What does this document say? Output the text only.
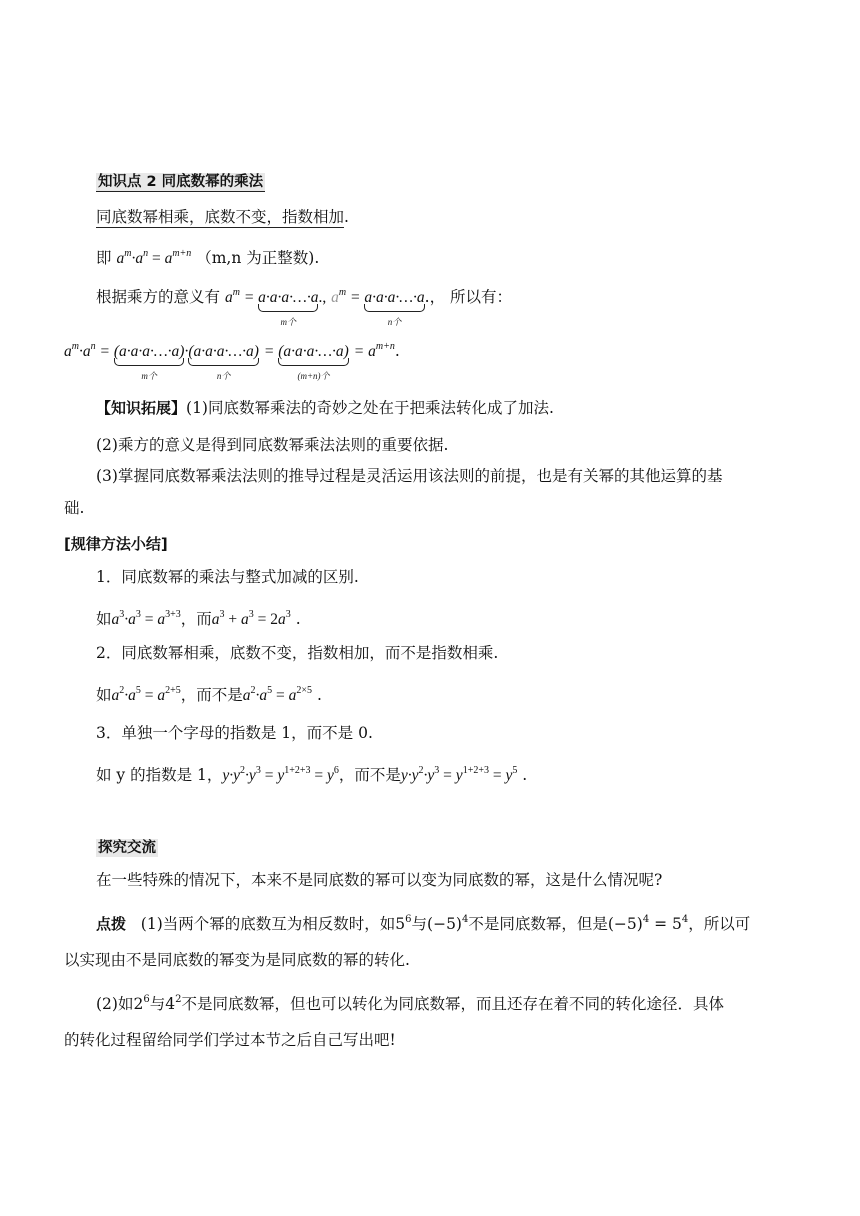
知识点 2 同底数幂的乘法
同底数幂相乘，底数不变，指数相加.
即 $a^m\cdot a^n = a^{m+n}$ （m,n 为正整数).
根据乘方的意义有 $a^m$ = a·a·a·…·a
m个
., $a^m$ = a·a·a·…·a
n个
.， 所以有：
$a^m\cdot a^n$ = (a·a·a·…·a)
m个
·(a·a·a·…·a)
n个
= (a·a·a·…·a)
(m+n)个
= $a^{m+n}$.
【知识拓展】(1)同底数幂乘法的奇妙之处在于把乘法转化成了加法.
(2)乘方的意义是得到同底数幂乘法法则的重要依据.
(3)掌握同底数幂乘法法则的推导过程是灵活运用该法则的前提，也是有关幂的其他运算的基
础.
[规律方法小结]
1．同底数幂的乘法与整式加减的区别.
如$a^3\cdot a^3 = a^{3+3}$，而$a^3 + a^3 = 2a^3$ .
2．同底数幂相乘，底数不变，指数相加，而不是指数相乘.
如$a^2\cdot a^5 = a^{2+5}$，而不是$a^2\cdot a^5 = a^{2\times 5}$ .
3．单独一个字母的指数是 1，而不是 0.
如 y 的指数是 1，$y\cdot y^2\cdot y^3 = y^{1+2+3} = y^6$，而不是$y\cdot y^2\cdot y^3 = y^{1+2+3} = y^5$ .
探究交流
在一些特殊的情况下，本来不是同底数的幂可以变为同底数的幂，这是什么情况呢?
点拨 (1)当两个幂的底数互为相反数时，如$5^6$与$(-5)^4$不是同底数幂，但是$(-5)^4 = 5^4$，所以可
以实现由不是同底数的幂变为是同底数的幂的转化.
(2)如$2^6$与$4^2$不是同底数幂，但也可以转化为同底数幂，而且还存在着不同的转化途径．具体
的转化过程留给同学们学过本节之后自己写出吧!
